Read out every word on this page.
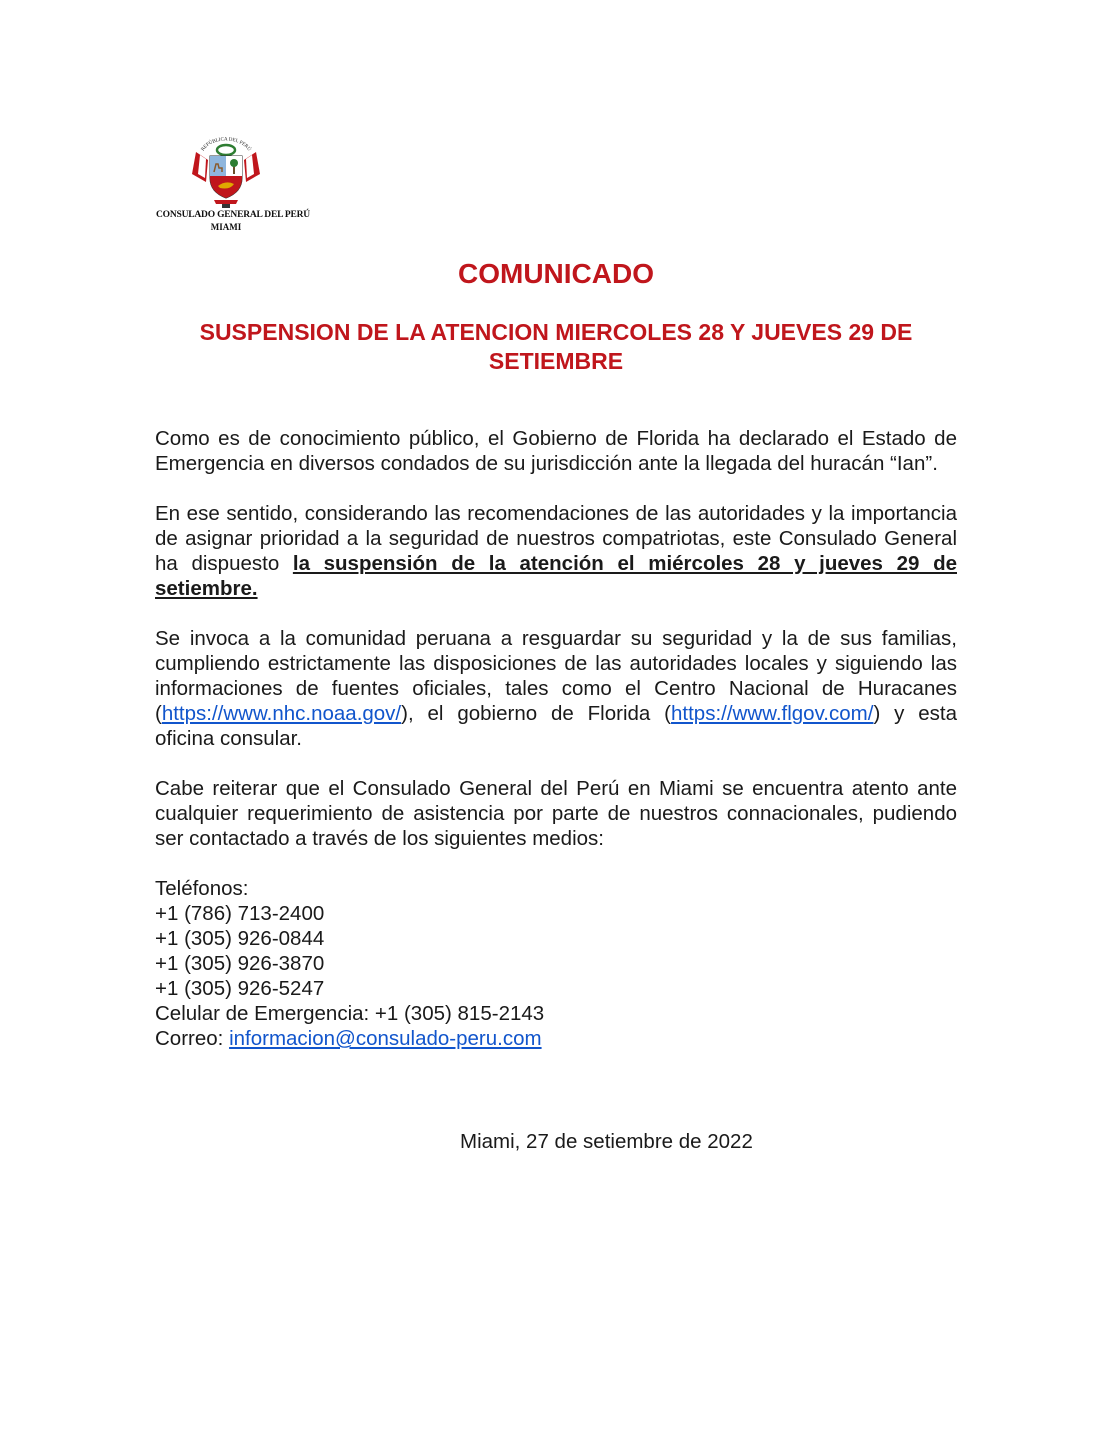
REPÚBLICA DEL PERÚ
CONSULADO GENERAL DEL PERÚ
MIAMI
COMUNICADO
SUSPENSION DE LA ATENCION MIERCOLES 28 Y JUEVES 29 DE SETIEMBRE

Como es de conocimiento público, el Gobierno de Florida ha declarado el Estado de Emergencia en diversos condados de su jurisdicción ante la llegada del huracán “Ian”.

En ese sentido, considerando las recomendaciones de las autoridades y la importancia de asignar prioridad a la seguridad de nuestros compatriotas, este Consulado General ha dispuesto la suspensión de la atención el miércoles 28 y jueves 29 de setiembre.

Se invoca a la comunidad peruana a resguardar su seguridad y la de sus familias, cumpliendo estrictamente las disposiciones de las autoridades locales y siguiendo las informaciones de fuentes oficiales, tales como el Centro Nacional de Huracanes (https://www.nhc.noaa.gov/), el gobierno de Florida (https://www.flgov.com/) y esta oficina consular.

Cabe reiterar que el Consulado General del Perú en Miami se encuentra atento ante cualquier requerimiento de asistencia por parte de nuestros connacionales, pudiendo ser contactado a través de los siguientes medios:

Teléfonos:
+1 (786) 713-2400
+1 (305) 926-0844
+1 (305) 926-3870
+1 (305) 926-5247
Celular de Emergencia: +1 (305) 815-2143
Correo: informacion@consulado-peru.com
Miami, 27 de setiembre de 2022
